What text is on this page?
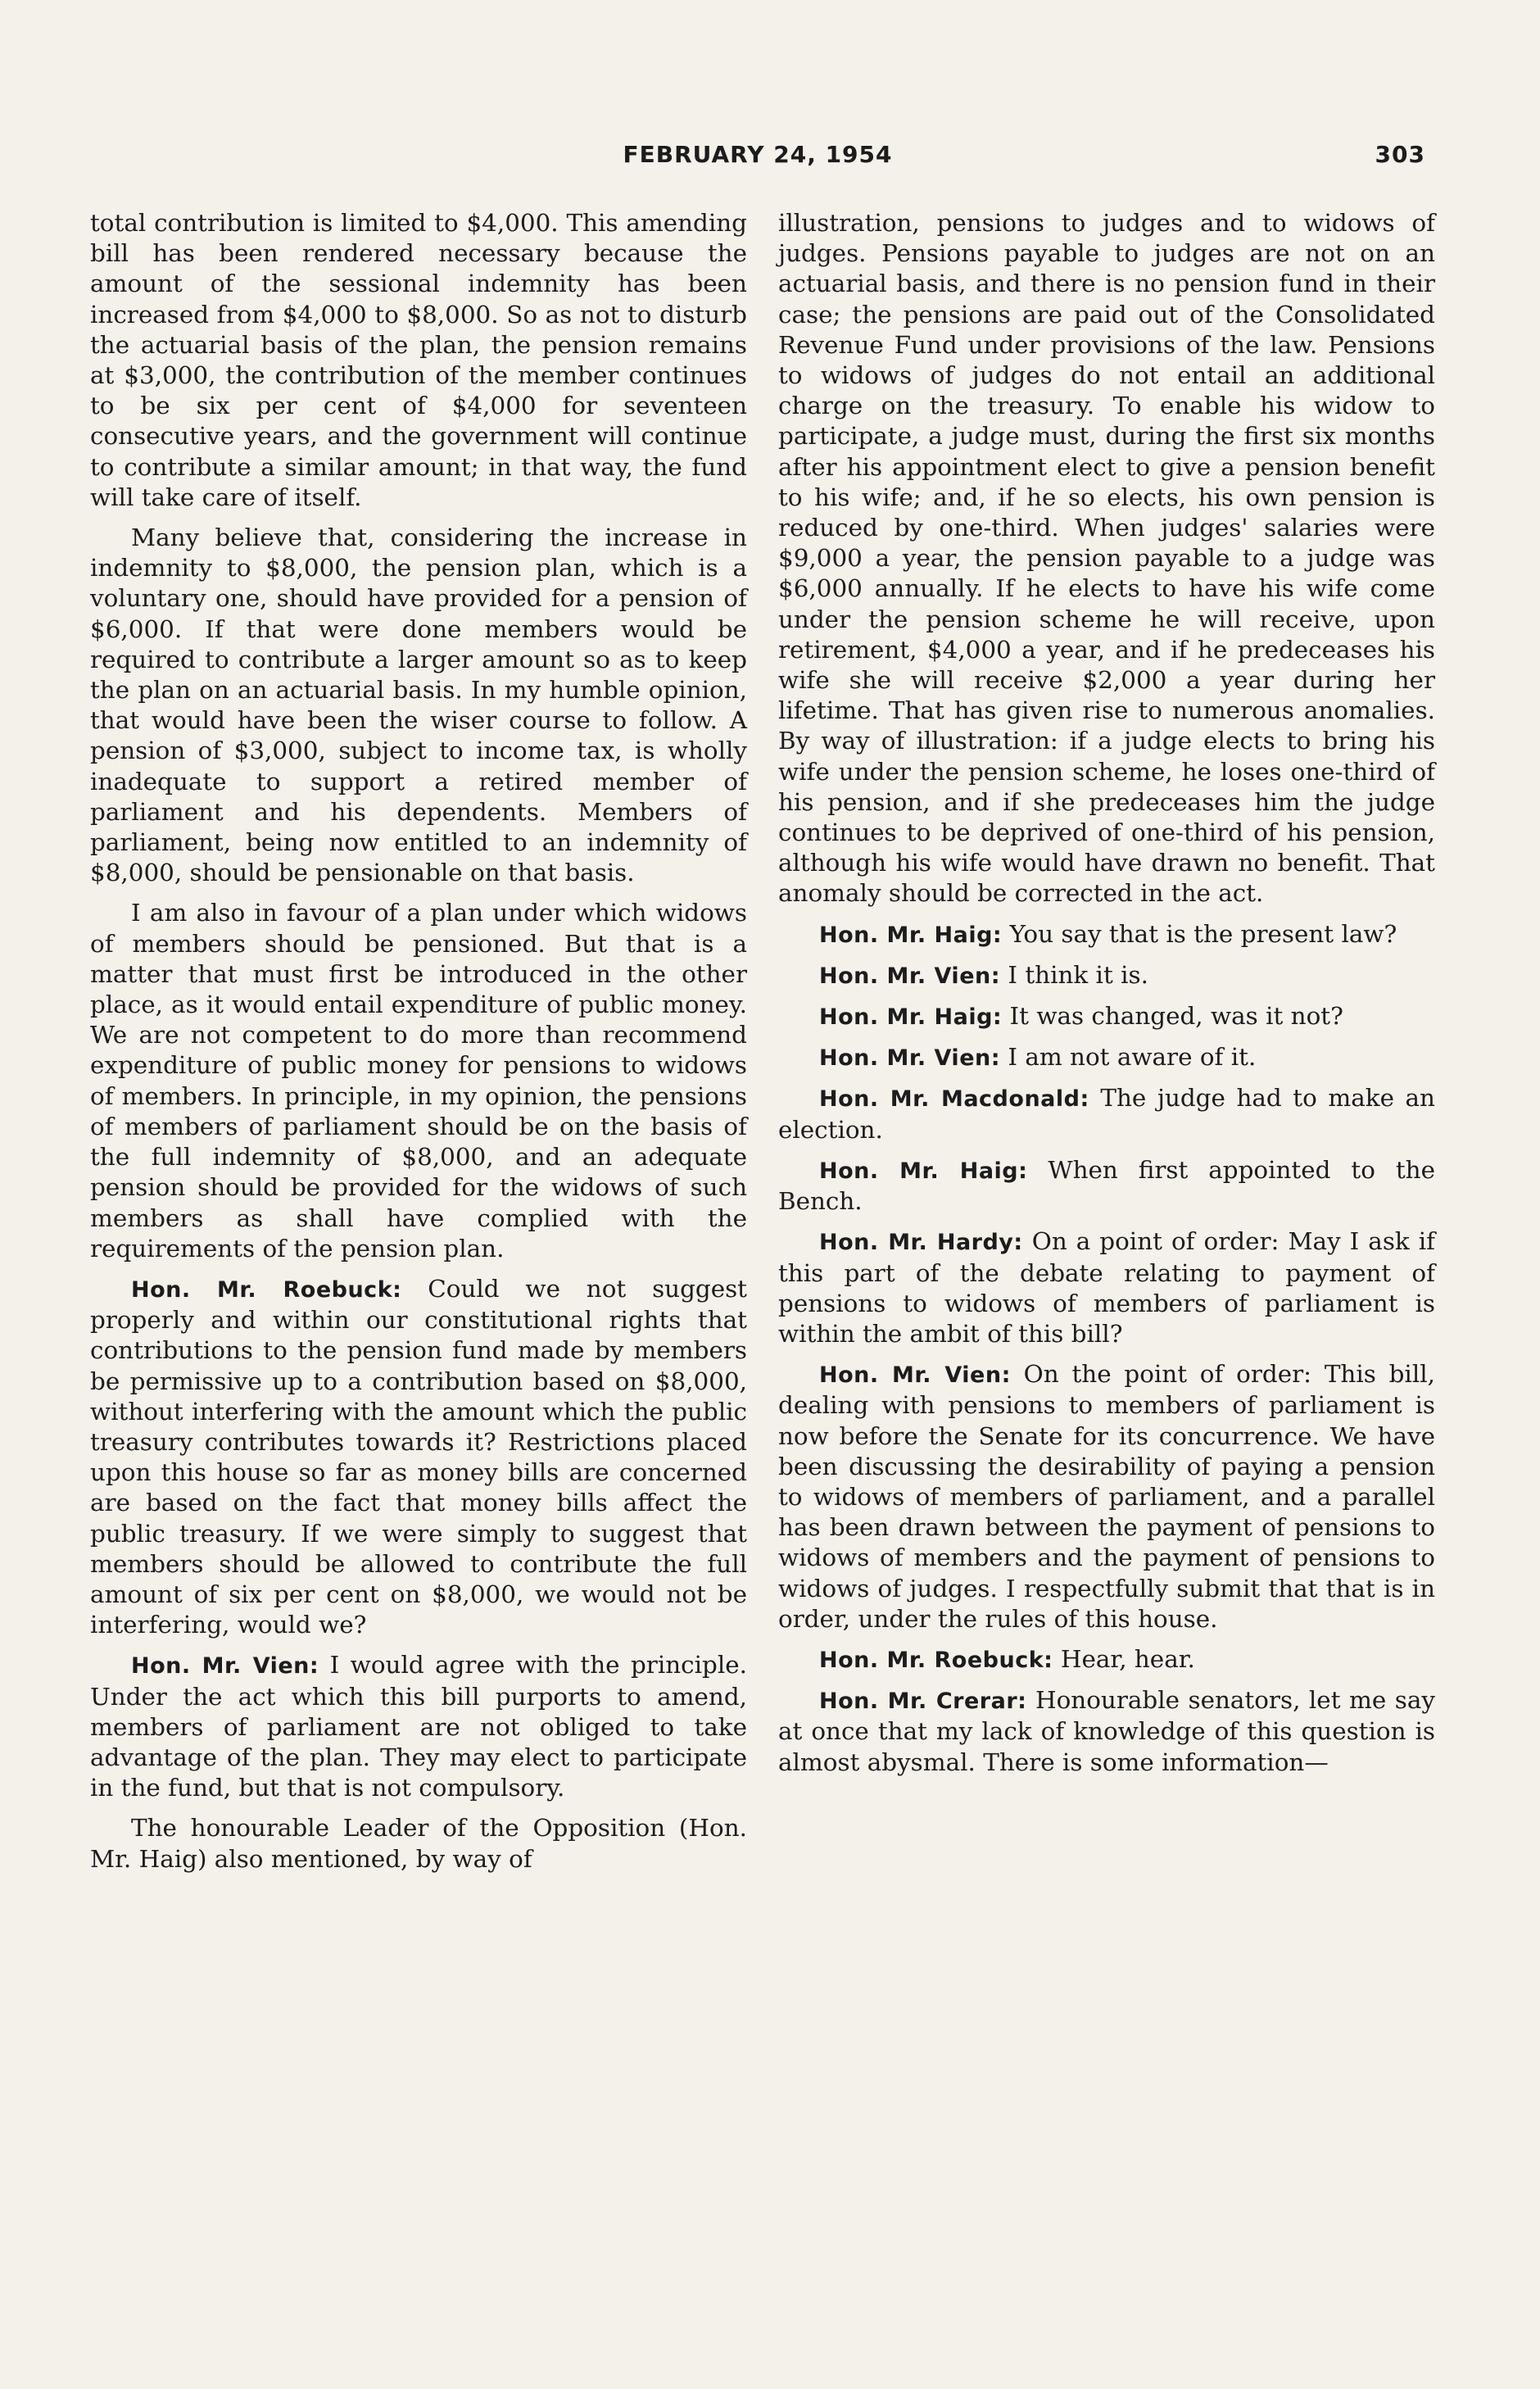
FEBRUARY 24, 1954	303

total contribution is limited to $4,000. This amending bill has been rendered necessary because the amount of the sessional indemnity has been increased from $4,000 to $8,000. So as not to disturb the actuarial basis of the plan, the pension remains at $3,000, the contribution of the member continues to be six per cent of $4,000 for seventeen consecutive years, and the government will continue to contribute a similar amount; in that way, the fund will take care of itself.

Many believe that, considering the increase in indemnity to $8,000, the pension plan, which is a voluntary one, should have provided for a pension of $6,000. If that were done members would be required to contribute a larger amount so as to keep the plan on an actuarial basis. In my humble opinion, that would have been the wiser course to follow. A pension of $3,000, subject to income tax, is wholly inadequate to support a retired member of parliament and his dependents. Members of parliament, being now entitled to an indemnity of $8,000, should be pensionable on that basis.

I am also in favour of a plan under which widows of members should be pensioned. But that is a matter that must first be introduced in the other place, as it would entail expenditure of public money. We are not competent to do more than recommend expenditure of public money for pensions to widows of members. In principle, in my opinion, the pensions of members of parliament should be on the basis of the full indemnity of $8,000, and an adequate pension should be provided for the widows of such members as shall have complied with the requirements of the pension plan.

Hon. Mr. Roebuck: Could we not suggest properly and within our constitutional rights that contributions to the pension fund made by members be permissive up to a contribution based on $8,000, without interfering with the amount which the public treasury contributes towards it? Restrictions placed upon this house so far as money bills are concerned are based on the fact that money bills affect the public treasury. If we were simply to suggest that members should be allowed to contribute the full amount of six per cent on $8,000, we would not be interfering, would we?

Hon. Mr. Vien: I would agree with the principle. Under the act which this bill purports to amend, members of parliament are not obliged to take advantage of the plan. They may elect to participate in the fund, but that is not compulsory.

The honourable Leader of the Opposition (Hon. Mr. Haig) also mentioned, by way of

illustration, pensions to judges and to widows of judges. Pensions payable to judges are not on an actuarial basis, and there is no pension fund in their case; the pensions are paid out of the Consolidated Revenue Fund under provisions of the law. Pensions to widows of judges do not entail an additional charge on the treasury. To enable his widow to participate, a judge must, during the first six months after his appointment elect to give a pension benefit to his wife; and, if he so elects, his own pension is reduced by one-third. When judges' salaries were $9,000 a year, the pension payable to a judge was $6,000 annually. If he elects to have his wife come under the pension scheme he will receive, upon retirement, $4,000 a year, and if he predeceases his wife she will receive $2,000 a year during her lifetime. That has given rise to numerous anomalies. By way of illustration: if a judge elects to bring his wife under the pension scheme, he loses one-third of his pension, and if she predeceases him the judge continues to be deprived of one-third of his pension, although his wife would have drawn no benefit. That anomaly should be corrected in the act.

Hon. Mr. Haig: You say that is the present law?

Hon. Mr. Vien: I think it is.

Hon. Mr. Haig: It was changed, was it not?

Hon. Mr. Vien: I am not aware of it.

Hon. Mr. Macdonald: The judge had to make an election.

Hon. Mr. Haig: When first appointed to the Bench.

Hon. Mr. Hardy: On a point of order: May I ask if this part of the debate relating to payment of pensions to widows of members of parliament is within the ambit of this bill?

Hon. Mr. Vien: On the point of order: This bill, dealing with pensions to members of parliament is now before the Senate for its concurrence. We have been discussing the desirability of paying a pension to widows of members of parliament, and a parallel has been drawn between the payment of pensions to widows of members and the payment of pensions to widows of judges. I respectfully submit that that is in order, under the rules of this house.

Hon. Mr. Roebuck: Hear, hear.

Hon. Mr. Crerar: Honourable senators, let me say at once that my lack of knowledge of this question is almost abysmal. There is some information—
